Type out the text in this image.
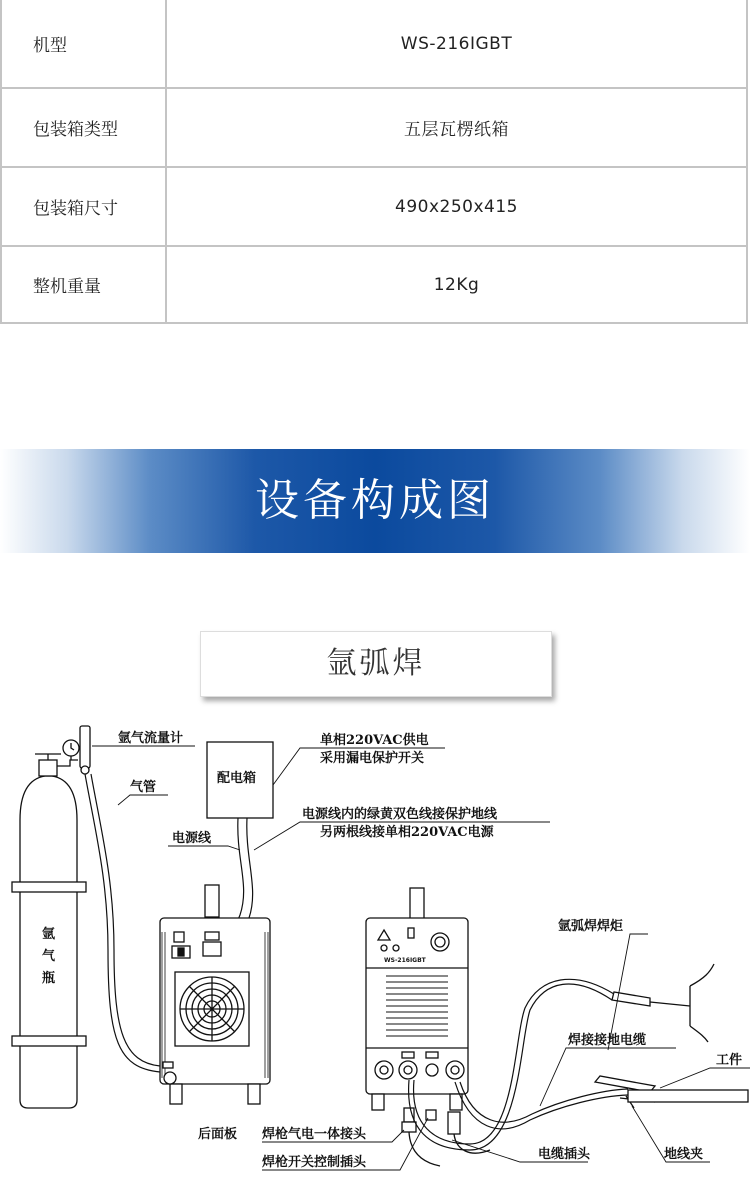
机型	WS-216IGBT
包装箱类型	五层瓦楞纸箱
包装箱尺寸	490x250x415
整机重量	12Kg
设备构成图
氩弧焊
氩气流量计
气管
氩
气
瓶
配电箱
单相220VAC供电
采用漏电保护开关
电源线
电源线内的绿黄双色线接保护地线
另两根线接单相220VAC电源
WS-216IGBT
氩弧焊焊炬
焊接接地电缆
工件
后面板 焊枪气电一体接头
焊枪开关控制插头
电缆插头	地线夹
